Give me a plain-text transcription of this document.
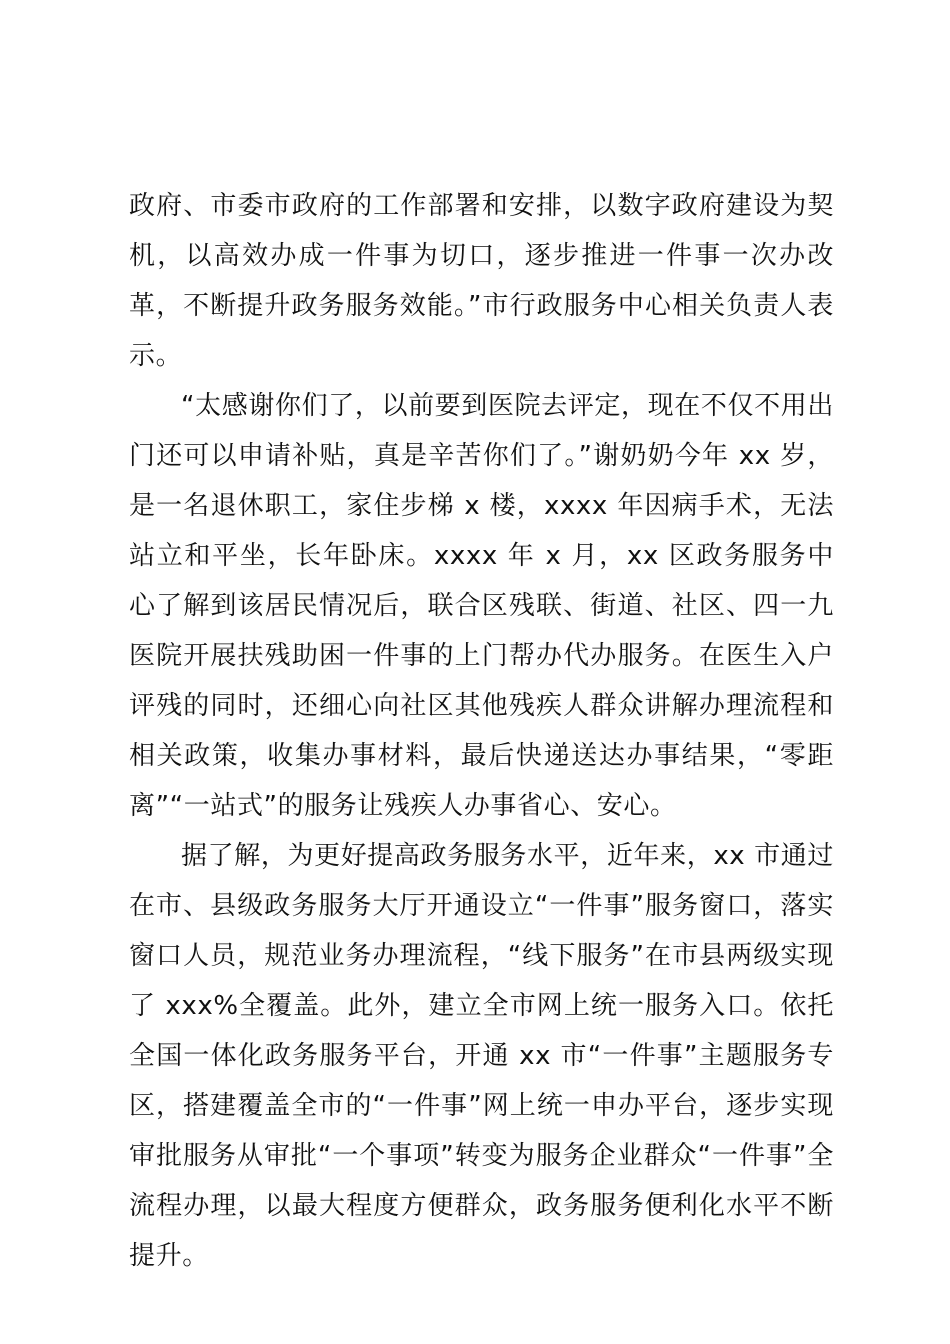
政府、市委市政府的工作部署和安排，以数字政府建设为契机，以高效办成一件事为切口，逐步推进一件事一次办改革，不断提升政务服务效能。”市行政服务中心相关负责人表示。

“太感谢你们了，以前要到医院去评定，现在不仅不用出门还可以申请补贴，真是辛苦你们了。”谢奶奶今年 xx 岁，是一名退休职工，家住步梯 x 楼，xxxx 年因病手术，无法站立和平坐，长年卧床。xxxx 年 x 月，xx 区政务服务中心了解到该居民情况后，联合区残联、街道、社区、四一九医院开展扶残助困一件事的上门帮办代办服务。在医生入户评残的同时，还细心向社区其他残疾人群众讲解办理流程和相关政策，收集办事材料，最后快递送达办事结果，“零距离”“一站式”的服务让残疾人办事省心、安心。

据了解，为更好提高政务服务水平，近年来，xx 市通过在市、县级政务服务大厅开通设立“一件事”服务窗口，落实窗口人员，规范业务办理流程，“线下服务”在市县两级实现了 xxx%全覆盖。此外，建立全市网上统一服务入口。依托全国一体化政务服务平台，开通 xx 市“一件事”主题服务专区，搭建覆盖全市的“一件事”网上统一申办平台，逐步实现审批服务从审批“一个事项”转变为服务企业群众“一件事”全流程办理，以最大程度方便群众，政务服务便利化水平不断提升。
